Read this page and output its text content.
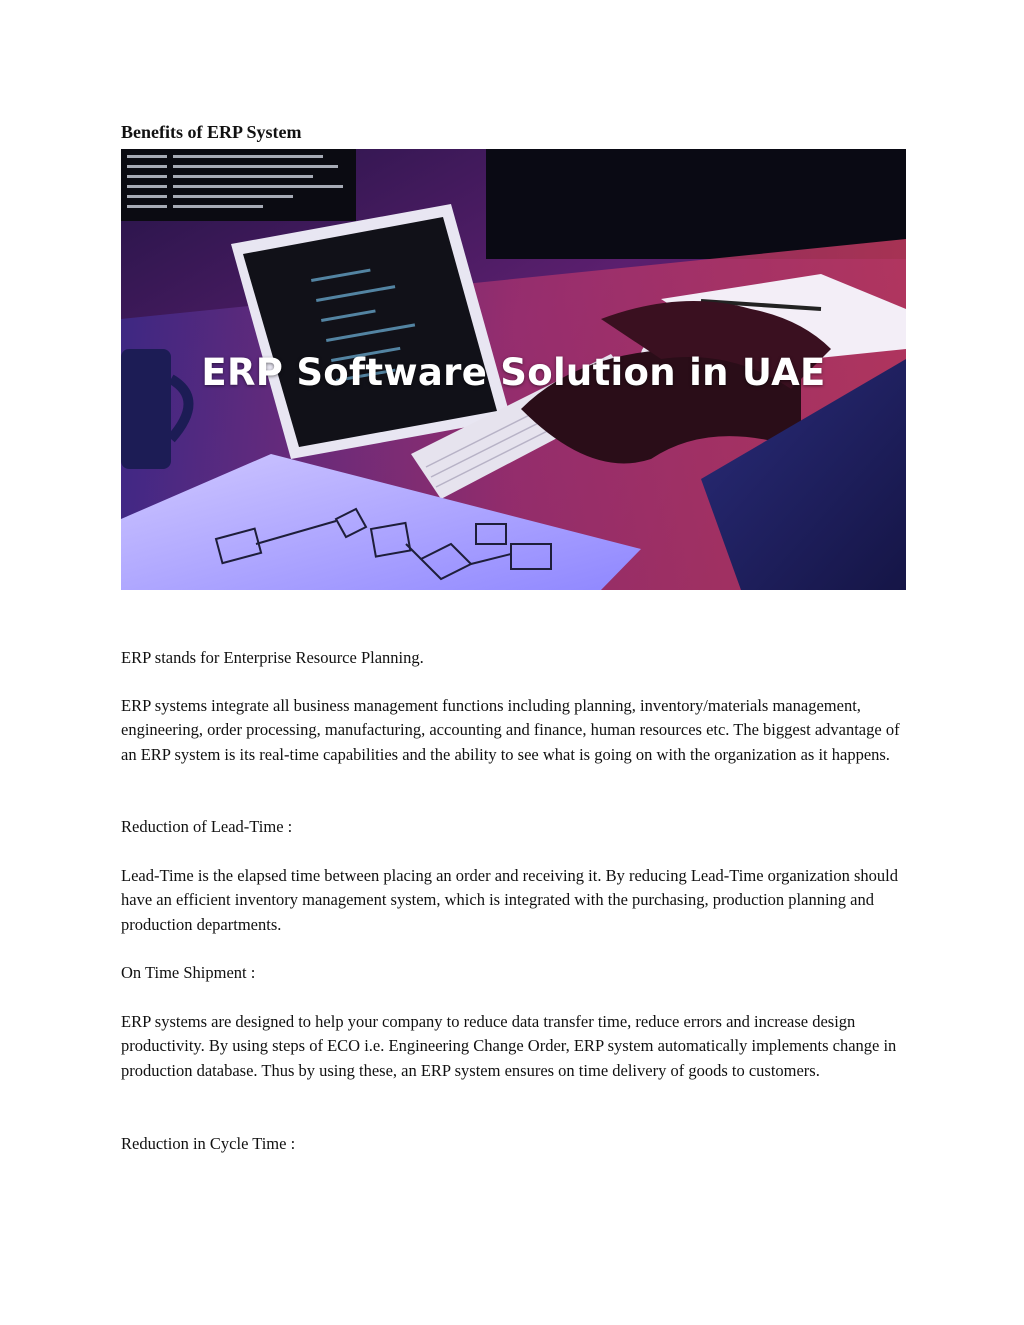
Benefits of ERP System
ERP Software Solution in UAE

ERP stands for Enterprise Resource Planning.

ERP systems integrate all business management functions including planning, inventory/materials management, engineering, order processing, manufacturing, accounting and finance, human resources etc. The biggest advantage of an ERP system is its real-time capabilities and the ability to see what is going on with the organization as it happens.

Reduction of Lead-Time :

Lead-Time is the elapsed time between placing an order and receiving it. By reducing Lead-Time organization should have an efficient inventory management system, which is integrated with the purchasing, production planning and production departments.

On Time Shipment :

ERP systems are designed to help your company to reduce data transfer time, reduce errors and increase design productivity. By using steps of ECO i.e. Engineering Change Order, ERP system automatically implements change in production database. Thus by using these, an ERP system ensures on time delivery of goods to customers.

Reduction in Cycle Time :
